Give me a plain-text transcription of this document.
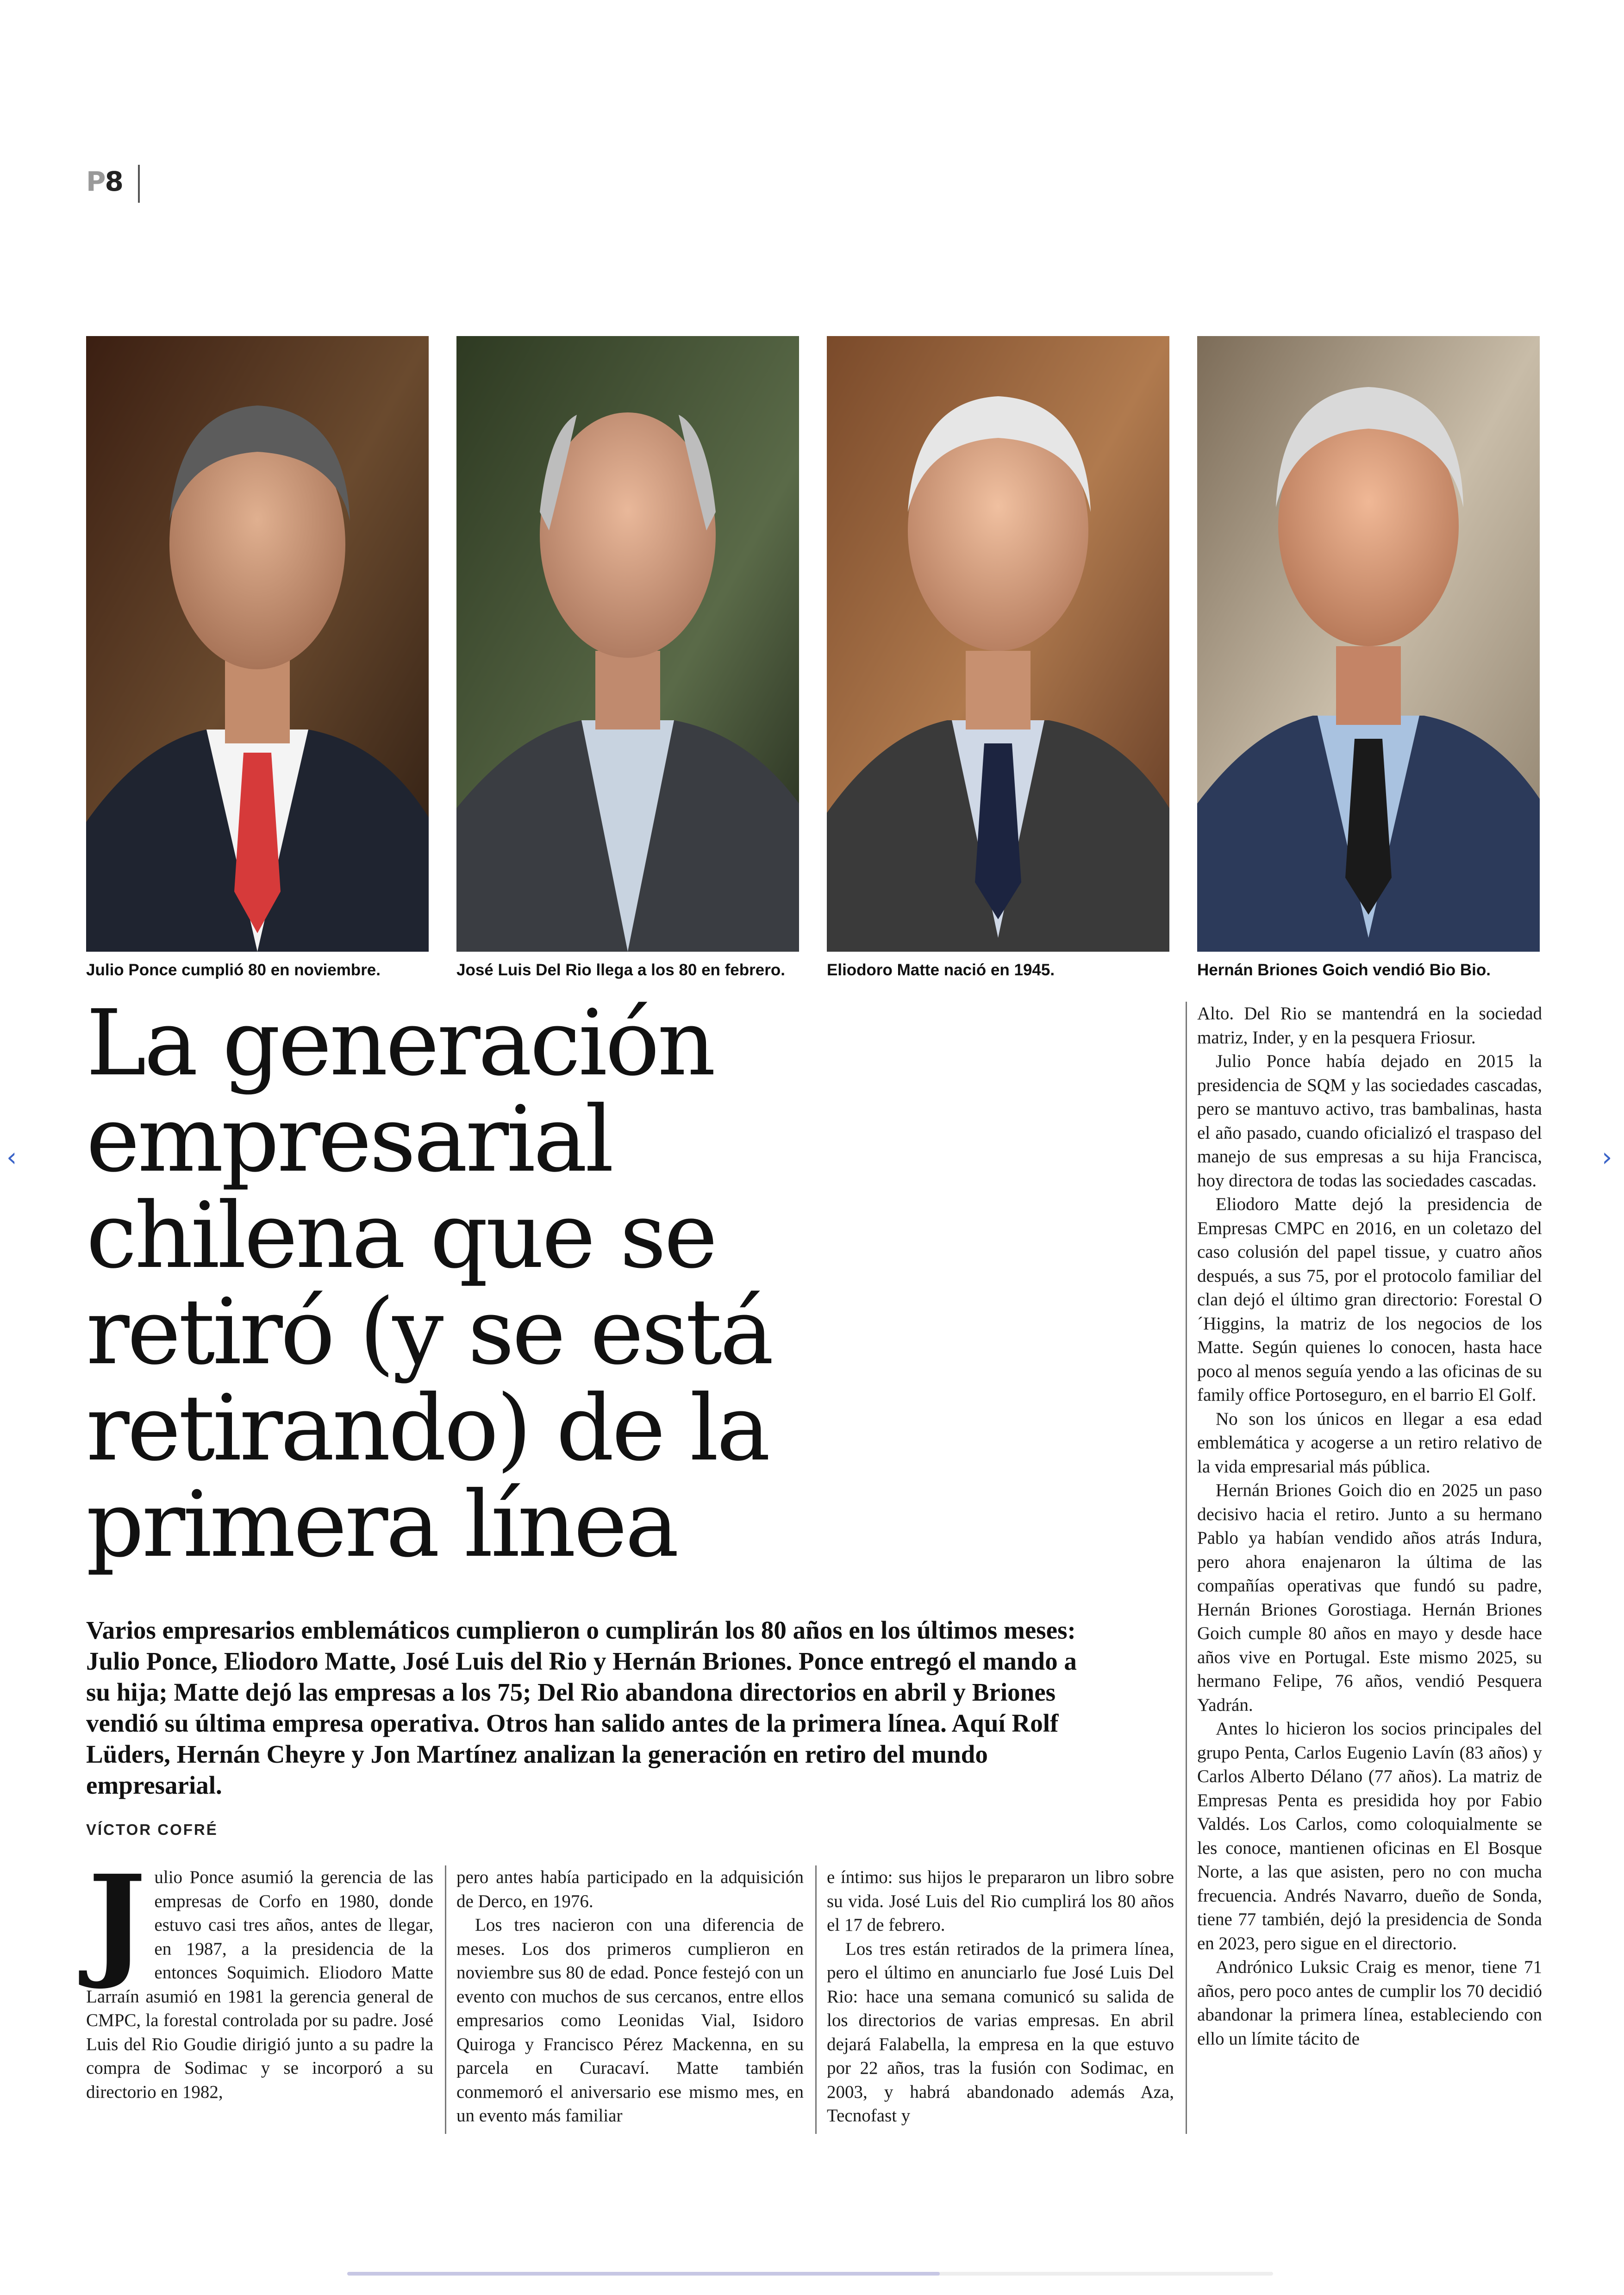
P8
Julio Ponce cumplió 80 en noviembre.	José Luis Del Rio llega a los 80 en febrero.	Eliodoro Matte nació en 1945.	Hernán Briones Goich vendió Bio Bio.
La generación empresarial chilena que se retiró (y se está retirando) de la primera línea

Varios empresarios emblemáticos cumplieron o cumplirán los 80 años en los últimos meses: Julio Ponce, Eliodoro Matte, José Luis del Rio y Hernán Briones. Ponce entregó el mando a su hija; Matte dejó las empresas a los 75; Del Rio abandona directorios en abril y Briones vendió su última empresa operativa. Otros han salido antes de la primera línea. Aquí Rolf Lüders, Hernán Cheyre y Jon Martínez analizan la generación en retiro del mundo empresarial.

VÍCTOR COFRÉ
J ulio Ponce asumió la gerencia de las empresas de Corfo en 1980, donde estuvo casi tres años, antes de llegar, en 1987, a la presidencia de la entonces Soquimich. Eliodoro Matte Larraín asumió en 1981 la gerencia general de CMPC, la forestal controlada por su padre. José Luis del Rio Goudie dirigió junto a su padre la compra de Sodimac y se incorporó a su directorio en 1982,

pero antes había participado en la adquisición de Derco, en 1976.

Los tres nacieron con una diferencia de meses. Los dos primeros cumplieron en noviembre sus 80 de edad. Ponce festejó con un evento con muchos de sus cercanos, entre ellos empresarios como Leonidas Vial, Isidoro Quiroga y Francisco Pérez Mackenna, en su parcela en Curacaví. Matte también conmemoró el aniversario ese mismo mes, en un evento más familiar

e íntimo: sus hijos le prepararon un libro sobre su vida. José Luis del Rio cumplirá los 80 años el 17 de febrero.

Los tres están retirados de la primera línea, pero el último en anunciarlo fue José Luis Del Rio: hace una semana comunicó su salida de los directorios de varias empresas. En abril dejará Falabella, la empresa en la que estuvo por 22 años, tras la fusión con Sodimac, en 2003, y habrá abandonado además Aza, Tecnofast y

Alto. Del Rio se mantendrá en la sociedad matriz, Inder, y en la pesquera Friosur.

Julio Ponce había dejado en 2015 la presidencia de SQM y las sociedades cascadas, pero se mantuvo activo, tras bambalinas, hasta el año pasado, cuando oficializó el traspaso del manejo de sus empresas a su hija Francisca, hoy directora de todas las sociedades cascadas.

Eliodoro Matte dejó la presidencia de Empresas CMPC en 2016, en un coletazo del caso colusión del papel tissue, y cuatro años después, a sus 75, por el protocolo familiar del clan dejó el último gran directorio: Forestal O´Higgins, la matriz de los negocios de los Matte. Según quienes lo conocen, hasta hace poco al menos seguía yendo a las oficinas de su family office Portoseguro, en el barrio El Golf.

No son los únicos en llegar a esa edad emblemática y acogerse a un retiro relativo de la vida empresarial más pública.

Hernán Briones Goich dio en 2025 un paso decisivo hacia el retiro. Junto a su hermano Pablo ya habían vendido años atrás Indura, pero ahora enajenaron la última de las compañías operativas que fundó su padre, Hernán Briones Gorostiaga. Hernán Briones Goich cumple 80 años en mayo y desde hace años vive en Portugal. Este mismo 2025, su hermano Felipe, 76 años, vendió Pesquera Yadrán.

Antes lo hicieron los socios principales del grupo Penta, Carlos Eugenio Lavín (83 años) y Carlos Alberto Délano (77 años). La matriz de Empresas Penta es presidida hoy por Fabio Valdés. Los Carlos, como coloquialmente se les conoce, mantienen oficinas en El Bosque Norte, a las que asisten, pero no con mucha frecuencia. Andrés Navarro, dueño de Sonda, tiene 77 también, dejó la presidencia de Sonda en 2023, pero sigue en el directorio.

Andrónico Luksic Craig es menor, tiene 71 años, pero poco antes de cumplir los 70 decidió abandonar la primera línea, estableciendo con ello un límite tácito de

‹	›
